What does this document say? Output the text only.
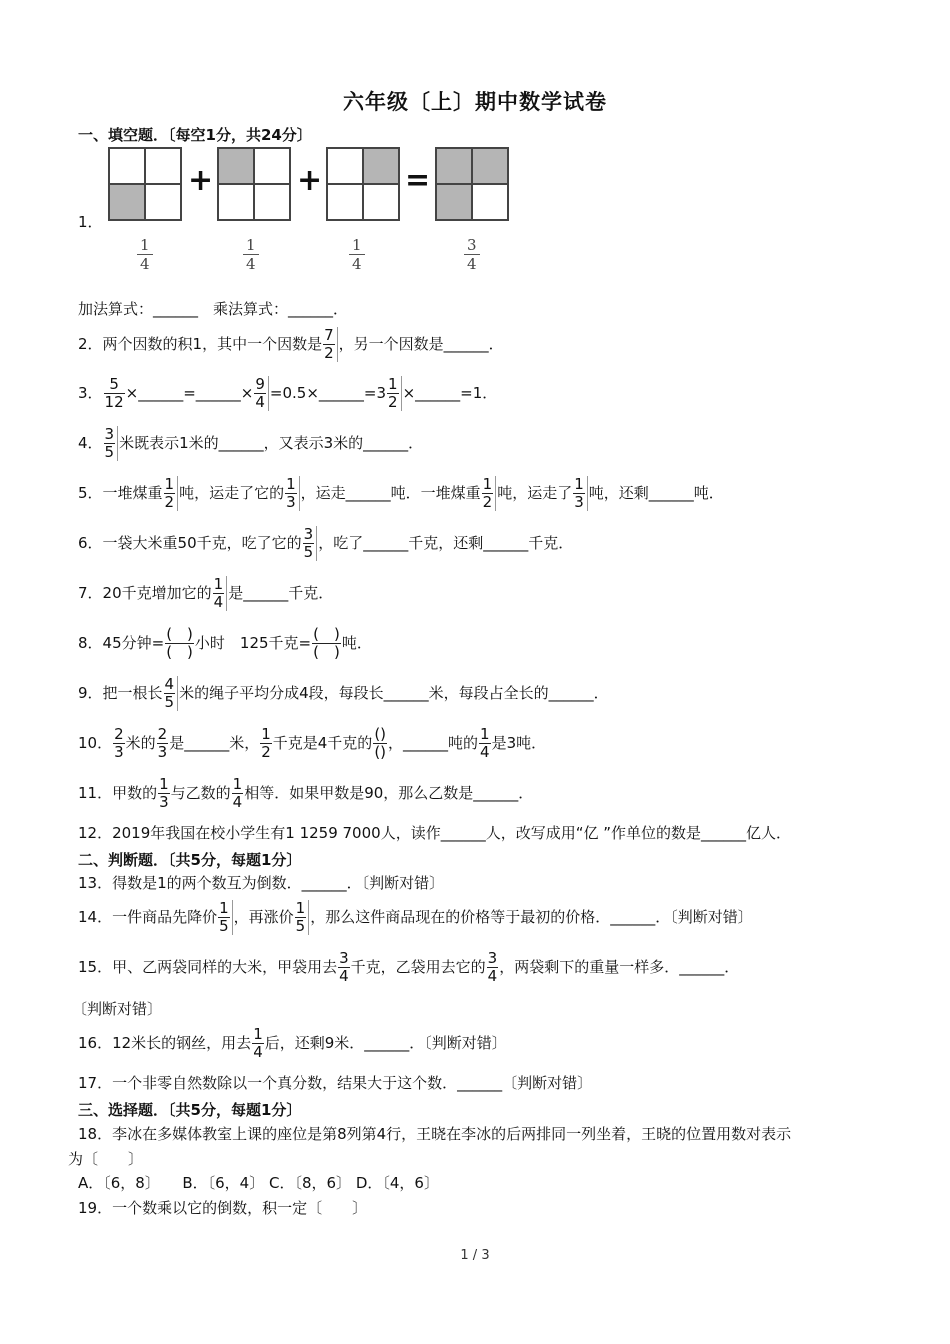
六年级〔上〕期中数学试卷
一、填空题．〔每空1分，共24分〕
1．
+	+	=
1
4
1
4
1
4
3
4
加法算式：______　乘法算式：______．
2．两个因数的积1，其中一个因数是 $\frac{7}{2}$ ，另一个因数是______．
3． $\frac{5}{12}$ ×______=______× $\frac{9}{4}$ =0.5×______=3 $\frac{1}{2}$ ×______=1．
4． $\frac{3}{5}$ 米既表示1米的______，又表示3米的______．
5．一堆煤重 $\frac{1}{2}$ 吨，运走了它的 $\frac{1}{3}$ ，运走______吨．一堆煤重 $\frac{1}{2}$ 吨，运走了 $\frac{1}{3}$ 吨，还剩______吨．
6．一袋大米重50千克，吃了它的 $\frac{3}{5}$ ，吃了______千克，还剩______千克．
7．20千克增加它的 $\frac{1}{4}$ 是______千克．
8．45分钟= $\frac{( )}{( )}$ 小时　125千克= $\frac{( )}{( )}$ 吨．
9．把一根长 $\frac{4}{5}$ 米的绳子平均分成4段，每段长______米，每段占全长的______．
10． $\frac{2}{3}$ 米的 $\frac{2}{3}$ 是______米， $\frac{1}{2}$ 千克是4千克的 $\frac{()}{()}$ ，______吨的 $\frac{1}{4}$ 是3吨．
11．甲数的 $\frac{1}{3}$ 与乙数的 $\frac{1}{4}$ 相等．如果甲数是90，那么乙数是______．
12．2019年我国在校小学生有1 1259 7000人，读作______人，改写成用“亿 ”作单位的数是______亿人．
二、判断题．〔共5分，每题1分〕
13．得数是1的两个数互为倒数．______．〔判断对错〕
14．一件商品先降价 $\frac{1}{5}$ ，再涨价 $\frac{1}{5}$ ，那么这件商品现在的价格等于最初的价格．______．〔判断对错〕
15．甲、乙两袋同样的大米，甲袋用去 $\frac{3}{4}$ 千克，乙袋用去它的 $\frac{3}{4}$ ，两袋剩下的重量一样多．______．
〔判断对错〕
16．12米长的钢丝，用去 $\frac{1}{4}$ 后，还剩9米．______．〔判断对错〕
17．一个非零自然数除以一个真分数，结果大于这个数．______〔判断对错〕
三、选择题．〔共5分，每题1分〕
18．李冰在多媒体教室上课的座位是第8列第4行，王晓在李冰的后两排同一列坐着，王晓的位置用数对表示
为〔　　〕
A．〔6，8〕　　B．〔6，4〕 C．〔8，6〕 D．〔4，6〕
19．一个数乘以它的倒数，积一定〔　　〕
1 / 3
